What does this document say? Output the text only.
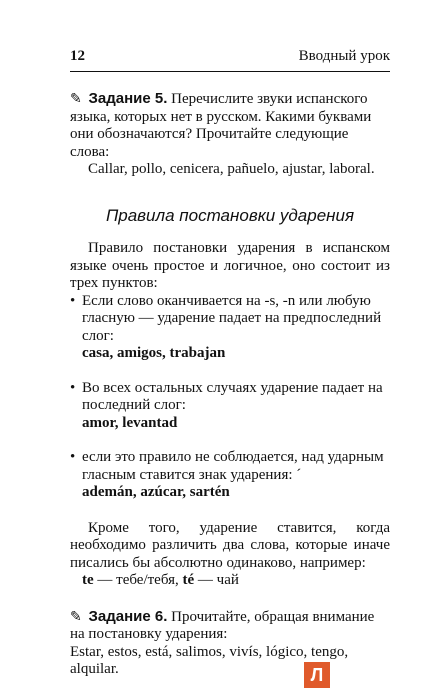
12	Вводный урок

✎ Задание 5. Перечислите звуки испанского языка, которых нет в русском. Какими буквами они обозначаются? Прочитайте следующие слова:
Callar, pollo, cenicera, pañuelo, ajustar, laboral.

Правила постановки ударения

Правило постановки ударения в испанском языке очень простое и логичное, оно состоит из трех пунктов:

• Если слово оканчивается на -s, -n или любую гласную — ударение падает на предпоследний слог:
casa, amigos, trabajan
• Во всех остальных случаях ударение падает на последний слог:
amor, levantad
• если это правило не соблюдается, над ударным гласным ставится знак ударения: ´
ademán, azúcar, sartén

Кроме того, ударение ставится, когда необходимо различить два слова, которые иначе писались бы абсолютно одинаково, например:

te — тебе/тебя, té — чай

✎ Задание 6. Прочитайте, обращая внимание на постановку ударения:
Estar, estos, está, salimos, vivís, lógico, tengo, alquilar.	Л
